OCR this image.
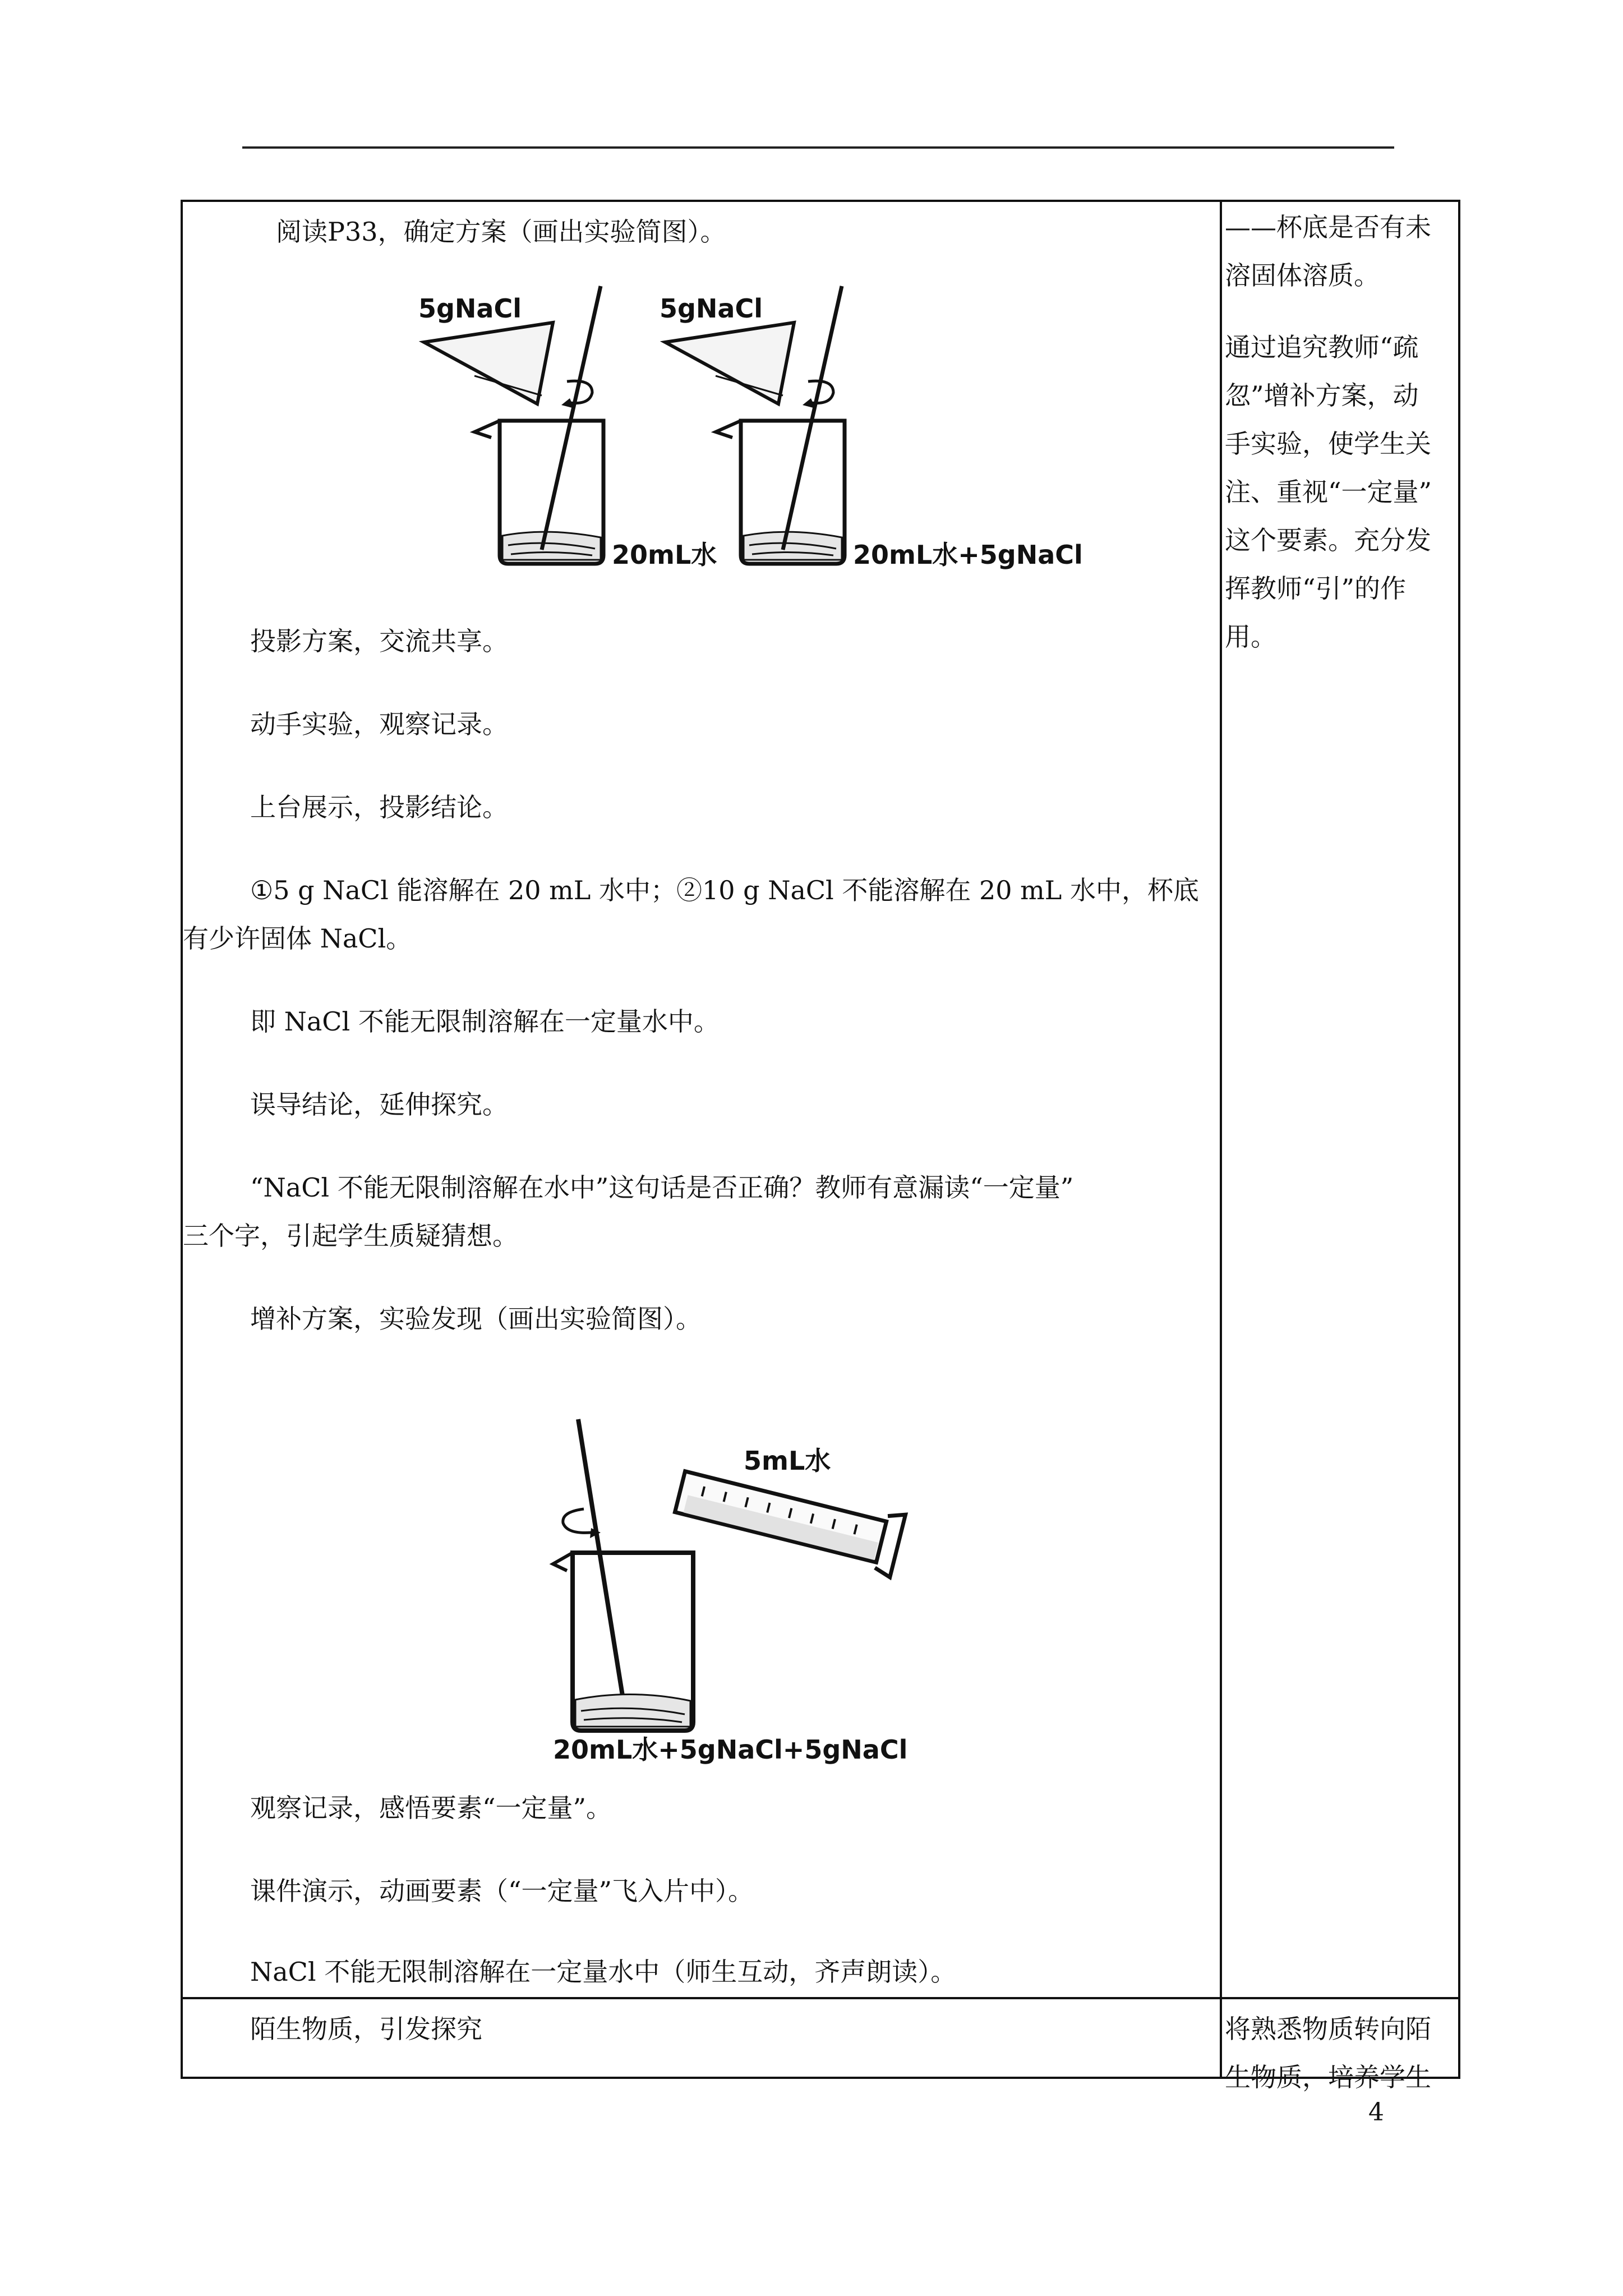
阅读P33，确定方案（画出实验简图）。
5gNaCl
20mL水
5gNaCl
20mL水+5gNaCl
投影方案，交流共享。
动手实验，观察记录。
上台展示，投影结论。
①5 g NaCl 能溶解在 20 mL 水中；②10 g NaCl 不能溶解在 20 mL 水中，杯底
有少许固体 NaCl。
即 NaCl 不能无限制溶解在一定量水中。
误导结论，延伸探究。
“NaCl 不能无限制溶解在水中”这句话是否正确？教师有意漏读“一定量”
三个字，引起学生质疑猜想。
增补方案，实验发现（画出实验简图）。
5mL水
20mL水+5gNaCl+5gNaCl
观察记录，感悟要素“一定量”。
课件演示，动画要素（“一定量”飞入片中）。
NaCl 不能无限制溶解在一定量水中（师生互动，齐声朗读）。
陌生物质，引发探究
——杯底是否有未
溶固体溶质。
通过追究教师“疏
忽”增补方案，动
手实验，使学生关
注、重视“一定量”
这个要素。充分发
挥教师“引”的作
用。
将熟悉物质转向陌
生物质，培养学生
4
